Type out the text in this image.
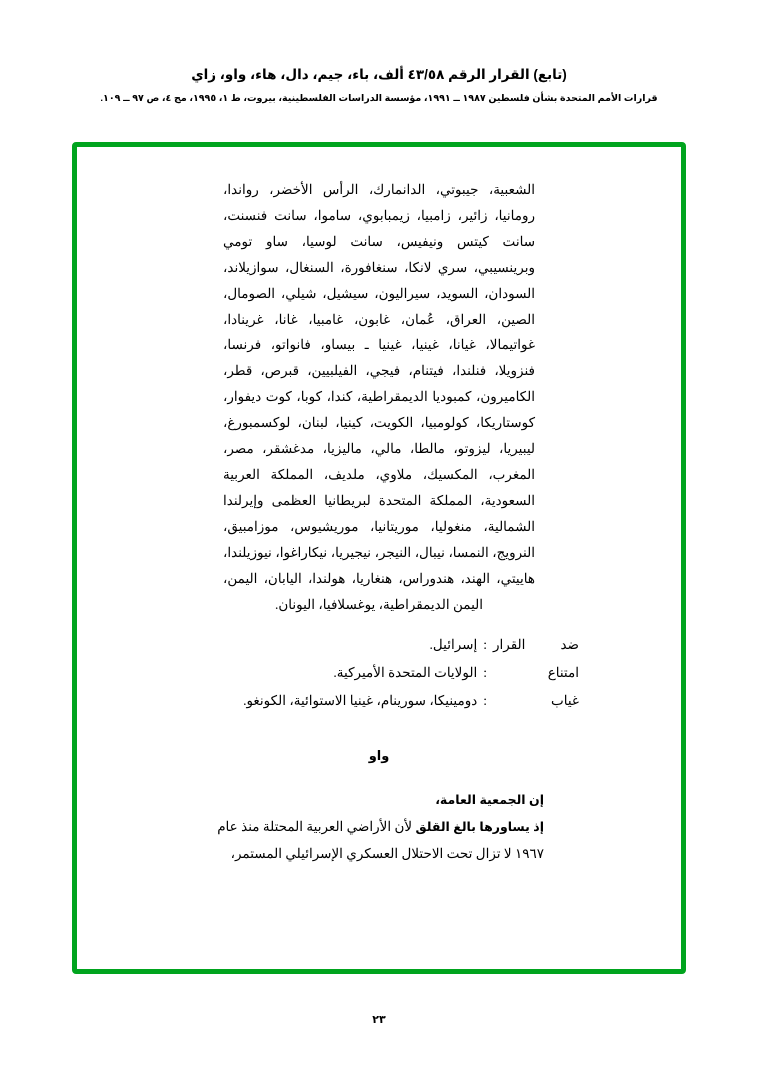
(تابع) القرار الرقم ٤٣/٥٨ ألف، باء، جيم، دال، هاء، واو، زاي
قرارات الأمم المتحدة بشأن فلسطين ١٩٨٧ ــ ١٩٩١، مؤسسة الدراسات الفلسطينية، بيروت، ط ١، ١٩٩٥، مج ٤، ص ٩٧ ــ ١٠٩.
الشعبية، جيبوتي، الدانمارك، الرأس الأخضر، رواندا، رومانيا، زائير، زامبيا، زيمبابوي، ساموا، سانت فنسنت، سانت كيتس ونيفيس، سانت لوسيا، ساو تومي وبرينسيبي، سري لانكا، سنغافورة، السنغال، سوازيلاند، السودان، السويد، سيراليون، سيشيل، شيلي، الصومال، الصين، العراق، عُمان، غابون، غامبيا، غانا، غرينادا، غواتيمالا، غيانا، غينيا، غينيا ـ بيساو، فانواتو، فرنسا، فنزويلا، فنلندا، فيتنام، فيجي، الفيلبيين، قبرص، قطر، الكاميرون، كمبوديا الديمقراطية، كندا، كوبا، كوت ديفوار، كوستاريكا، كولومبيا، الكويت، كينيا، لبنان، لوكسمبورغ، ليبيريا، ليزوتو، مالطا، مالي، ماليزيا، مدغشقر، مصر، المغرب، المكسيك، ملاوي، ملديف، المملكة العربية السعودية، المملكة المتحدة لبريطانيا العظمى وإيرلندا الشمالية، منغوليا، موريتانيا، موريشيوس، موزامبيق، النرويج، النمسا، نيبال، النيجر، نيجيريا، نيكاراغوا، نيوزيلندا، هاييتي، الهند، هندوراس، هنغاريا، هولندا، اليابان، اليمن،
اليمن الديمقراطية، يوغسلافيا، اليونان.
ضد القرار
:
إسرائيل.
امتناع
:
الولايات المتحدة الأميركية.
غياب
:
دومينيكا، سورينام، غينيا الاستوائية، الكونغو.
واو
إن الجمعية العامة،
إذ يساورها بالغ القلق لأن الأراضي العربية المحتلة منذ عام
١٩٦٧ لا تزال تحت الاحتلال العسكري الإسرائيلي المستمر،
٢٣
